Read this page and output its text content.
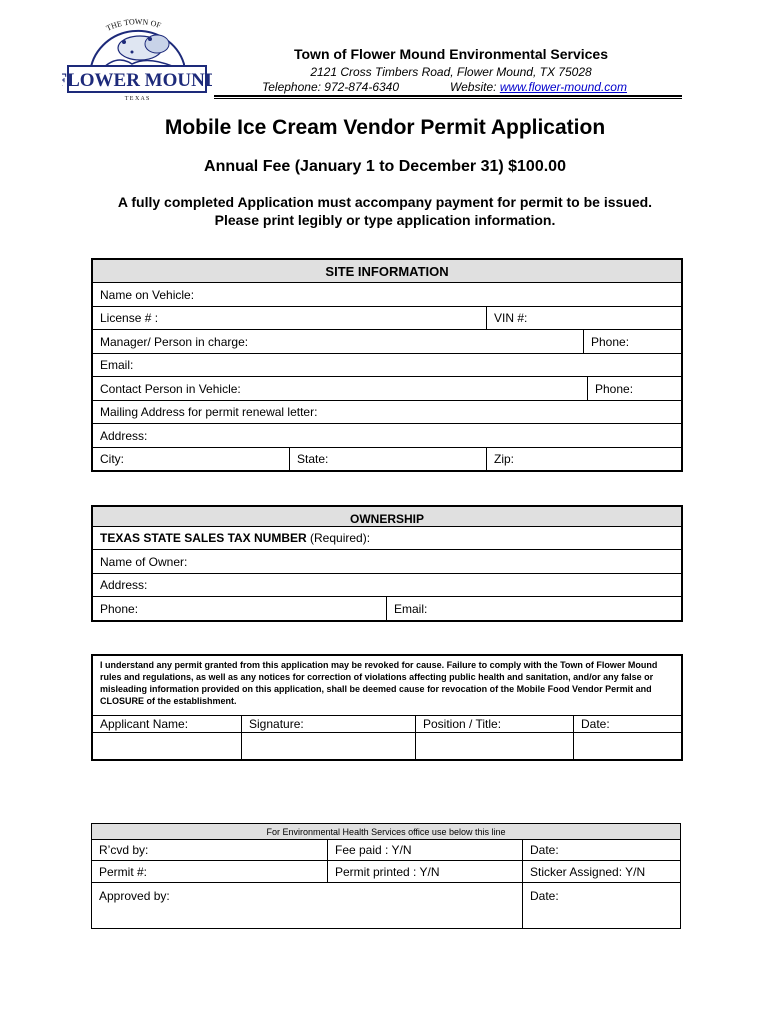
THE TOWN OF
FLOWER MOUND
T E X A S
Town of Flower Mound Environmental Services
2121 Cross Timbers Road, Flower Mound, TX 75028
Telephone: 972-874-6340	Website: www.flower-mound.com
Mobile Ice Cream Vendor Permit Application
Annual Fee (January 1 to December 31) $100.00
A fully completed Application must accompany payment for permit to be issued.
Please print legibly or type application information.
SITE INFORMATION				
Name on Vehicle:				
License # :		VIN #:		
Manager/ Person in charge:			Phone:	
Email:				
Contact Person in Vehicle:				Phone:
Mailing Address for permit renewal letter:				
Address:				
City:	State:	Zip:		
OWNERSHIP
TEXAS STATE SALES TAX NUMBER (Required):
Name of Owner:
Address:
Phone:	Email:
I understand any permit granted from this application may be revoked for cause. Failure to comply with the Town of Flower Mound rules and regulations, as well as any notices for correction of violations affecting public health and sanitation, and/or any false or misleading information provided on this application, shall be deemed cause for revocation of the Mobile Food Vendor Permit and CLOSURE of the establishment.			
Applicant Name:	Signature:	Position / Title:	Date:

For Environmental Health Services office use below this line		
R’cvd by:	Fee paid : Y/N	Date:
Permit #:	Permit printed : Y/N	Sticker Assigned: Y/N
Approved by:		Date:
